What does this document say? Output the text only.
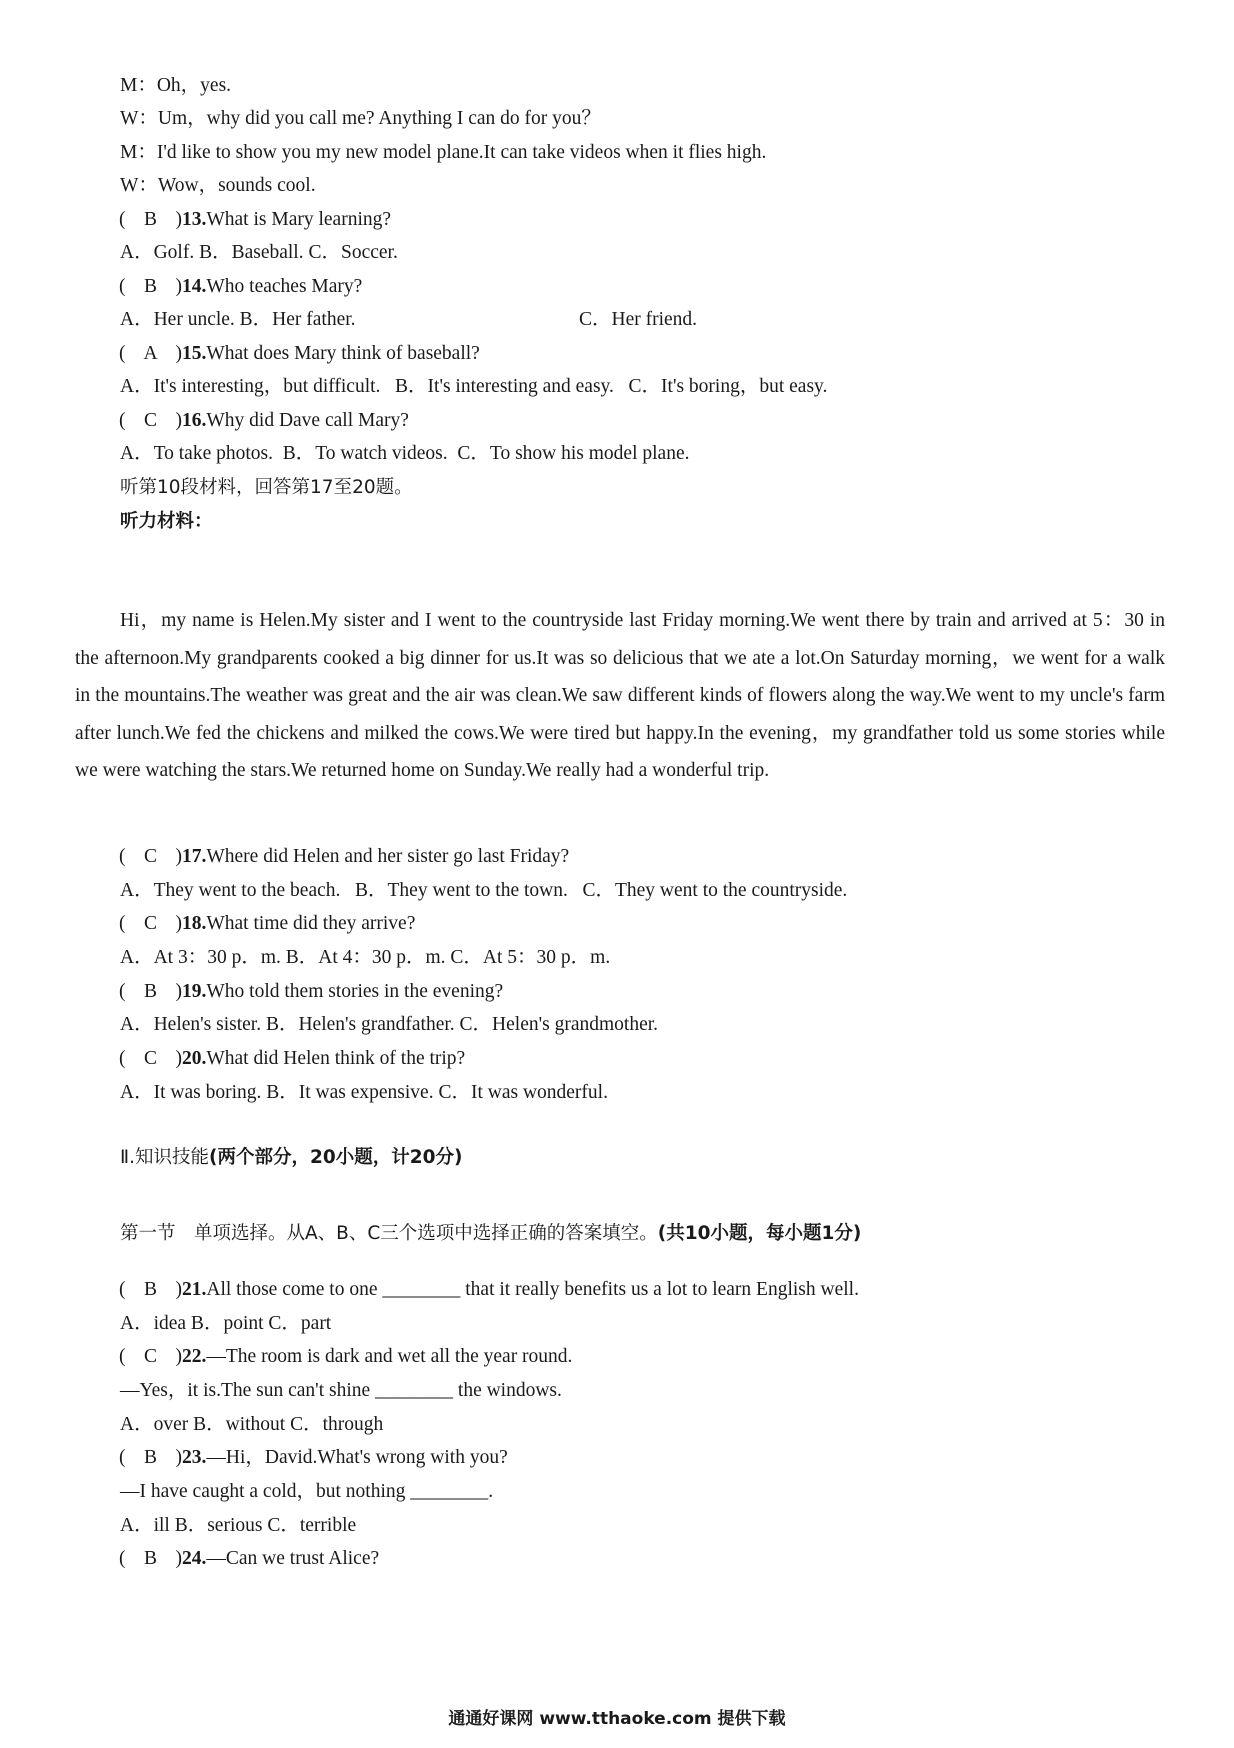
M：Oh，yes.
W：Um，why did you call me? Anything I can do for you？
M：I'd like to show you my new model plane.It can take videos when it flies high.
W：Wow，sounds cool.
( B )13.What is Mary learning?
A．Golf. B．Baseball. C．Soccer.
( B )14.Who teaches Mary?
A．Her uncle. B．Her father.	C．Her friend.
( A )15.What does Mary think of baseball?
A．It's interesting，but difficult.   B．It's interesting and easy.   C．It's boring，but easy.
( C )16.Why did Dave call Mary?
A．To take photos.  B．To watch videos.  C．To show his model plane.
听第10段材料，回答第17至20题。
听力材料：
Hi，my name is Helen.My sister and I went to the countryside last Friday morning.We went there by train and arrived at 5：30 in the afternoon.My grandparents cooked a big dinner for us.It was so delicious that we ate a lot.On Saturday morning，we went for a walk in the mountains.The weather was great and the air was clean.We saw different kinds of flowers along the way.We went to my uncle's farm after lunch.We fed the chickens and milked the cows.We were tired but happy.In the evening，my grandfather told us some stories while we were watching the stars.We returned home on Sunday.We really had a wonderful trip.
( C )17.Where did Helen and her sister go last Friday?
A．They went to the beach.   B．They went to the town.   C．They went to the countryside.
( C )18.What time did they arrive?
A．At 3：30 p．m. B．At 4：30 p．m. C．At 5：30 p．m.
( B )19.Who told them stories in the evening?
A．Helen's sister. B．Helen's grandfather. C．Helen's grandmother.
( C )20.What did Helen think of the trip?
A．It was boring. B．It was expensive. C．It was wonderful.
Ⅱ.知识技能(两个部分，20小题，计20分)
第一节　单项选择。从A、B、C三个选项中选择正确的答案填空。(共10小题，每小题1分)
( B )21.All those come to one ________ that it really benefits us a lot to learn English well.
A．idea B．point C．part
( C )22.—The room is dark and wet all the year round.
—Yes，it is.The sun can't shine ________ the windows.
A．over B．without C．through
( B )23.—Hi，David.What's wrong with you?
—I have caught a cold，but nothing ________.
A．ill B．serious C．terrible
( B )24.—Can we trust Alice?
通通好课网 www.tthaoke.com 提供下载
